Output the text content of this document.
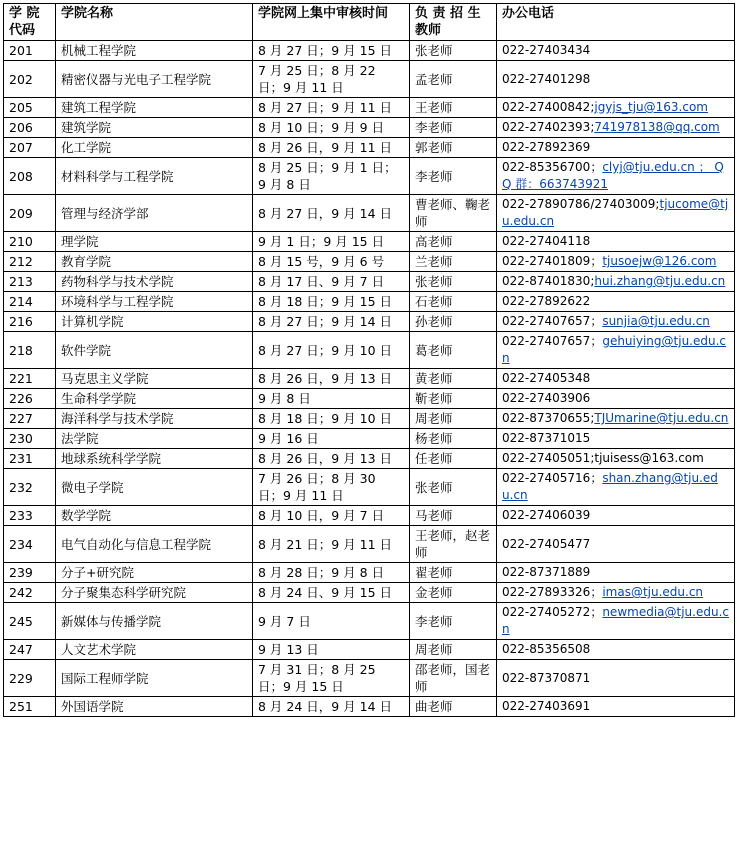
学 院 代码	学院名称	学院网上集中审核时间	负 责 招 生 教师	办公电话
201	机械工程学院	8 月 27 日；9 月 15 日	张老师	022-27403434
202	精密仪器与光电子工程学院	7 月 25 日；8 月 22 日；9 月 11 日	孟老师	022-27401298
205	建筑工程学院	8 月 27 日；9 月 11 日	王老师	022-27400842;jgyjs_tju@163.com
206	建筑学院	8 月 10 日；9 月 9 日	李老师	022-27402393;741978138@qq.com
207	化工学院	8 月 26 日，9 月 11 日	郭老师	022-27892369
208	材料科学与工程学院	8 月 25 日；9 月 1 日；9 月 8 日	李老师	022-85356700；clyj@tju.edu.cn ； QQ 群：663743921
209	管理与经济学部	8 月 27 日，9 月 14 日	曹老师、鞠老师	022-27890786/27403009;tjucome@tju.edu.cn
210	理学院	9 月 1 日；9 月 15 日	高老师	022-27404118
212	教育学院	8 月 15 号，9 月 6 号	兰老师	022-27401809；tjusoejw@126.com
213	药物科学与技术学院	8 月 17 日、9 月 7 日	张老师	022-87401830;hui.zhang@tju.edu.cn
214	环境科学与工程学院	8 月 18 日；9 月 15 日	石老师	022-27892622
216	计算机学院	8 月 27 日；9 月 14 日	孙老师	022-27407657；sunjia@tju.edu.cn
218	软件学院	8 月 27 日；9 月 10 日	葛老师	022-27407657；gehuiying@tju.edu.cn
221	马克思主义学院	8 月 26 日，9 月 13 日	黄老师	022-27405348
226	生命科学学院	9 月 8 日	靳老师	022-27403906
227	海洋科学与技术学院	8 月 18 日；9 月 10 日	周老师	022-87370655;TJUmarine@tju.edu.cn
230	法学院	9 月 16 日	杨老师	022-87371015
231	地球系统科学学院	8 月 26 日，9 月 13 日	任老师	022-27405051;tjuisess@163.com
232	微电子学院	7 月 26 日；8 月 30 日；9 月 11 日	张老师	022-27405716；shan.zhang@tju.edu.cn
233	数学学院	8 月 10 日，9 月 7 日	马老师	022-27406039
234	电气自动化与信息工程学院	8 月 21 日；9 月 11 日	王老师，赵老师	022-27405477
239	分子+研究院	8 月 28 日；9 月 8 日	翟老师	022-87371889
242	分子聚集态科学研究院	8 月 24 日、9 月 15 日	金老师	022-27893326；imas@tju.edu.cn
245	新媒体与传播学院	9 月 7 日	李老师	022-27405272；newmedia@tju.edu.cn
247	人文艺术学院	9 月 13 日	周老师	022-85356508
229	国际工程师学院	7 月 31 日；8 月 25 日；9 月 15 日	邵老师，国老师	022-87370871
251	外国语学院	8 月 24 日，9 月 14 日	曲老师	022-27403691
